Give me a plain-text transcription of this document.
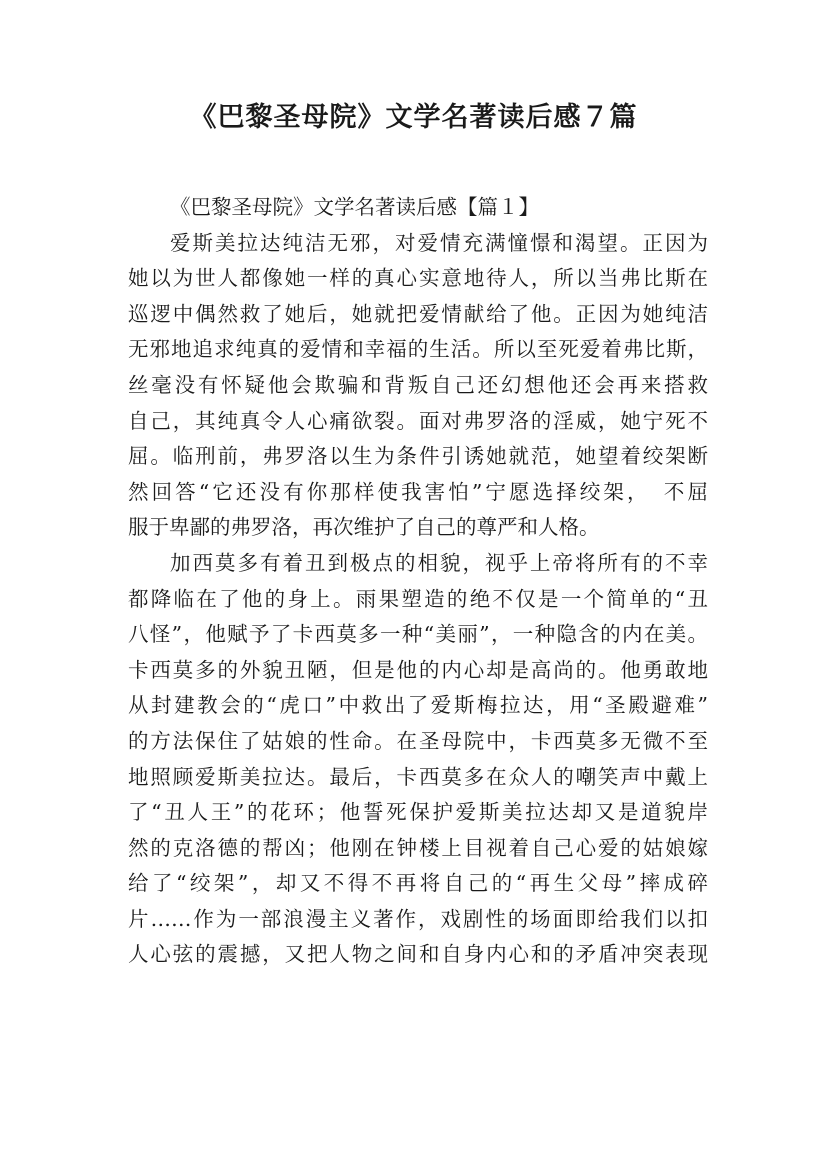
《巴黎圣母院》文学名著读后感７篇
《巴黎圣母院》文学名著读后感【篇１】
爱斯美拉达纯洁无邪，对爱情充满憧憬和渴望。正因为
她以为世人都像她一样的真心实意地待人，所以当弗比斯在
巡逻中偶然救了她后，她就把爱情献给了他。正因为她纯洁
无邪地追求纯真的爱情和幸福的生活。所以至死爱着弗比斯，
丝毫没有怀疑他会欺骗和背叛自己还幻想他还会再来搭救
自己，其纯真令人心痛欲裂。面对弗罗洛的淫威，她宁死不
屈。临刑前，弗罗洛以生为条件引诱她就范，她望着绞架断
然回答“它还没有你那样使我害怕”宁愿选择绞架，　不屈
服于卑鄙的弗罗洛，再次维护了自己的尊严和人格。
加西莫多有着丑到极点的相貌，视乎上帝将所有的不幸
都降临在了他的身上。雨果塑造的绝不仅是一个简单的“丑
八怪”，他赋予了卡西莫多一种“美丽”，一种隐含的内在美。
卡西莫多的外貌丑陋，但是他的内心却是高尚的。他勇敢地
从封建教会的“虎口”中救出了爱斯梅拉达，用“圣殿避难”
的方法保住了姑娘的性命。在圣母院中，卡西莫多无微不至
地照顾爱斯美拉达。最后，卡西莫多在众人的嘲笑声中戴上
了“丑人王”的花环；他誓死保护爱斯美拉达却又是道貌岸
然的克洛德的帮凶；他刚在钟楼上目视着自己心爱的姑娘嫁
给了“绞架”，却又不得不再将自己的“再生父母”摔成碎
片……作为一部浪漫主义著作，戏剧性的场面即给我们以扣
人心弦的震撼，又把人物之间和自身内心和的矛盾冲突表现
